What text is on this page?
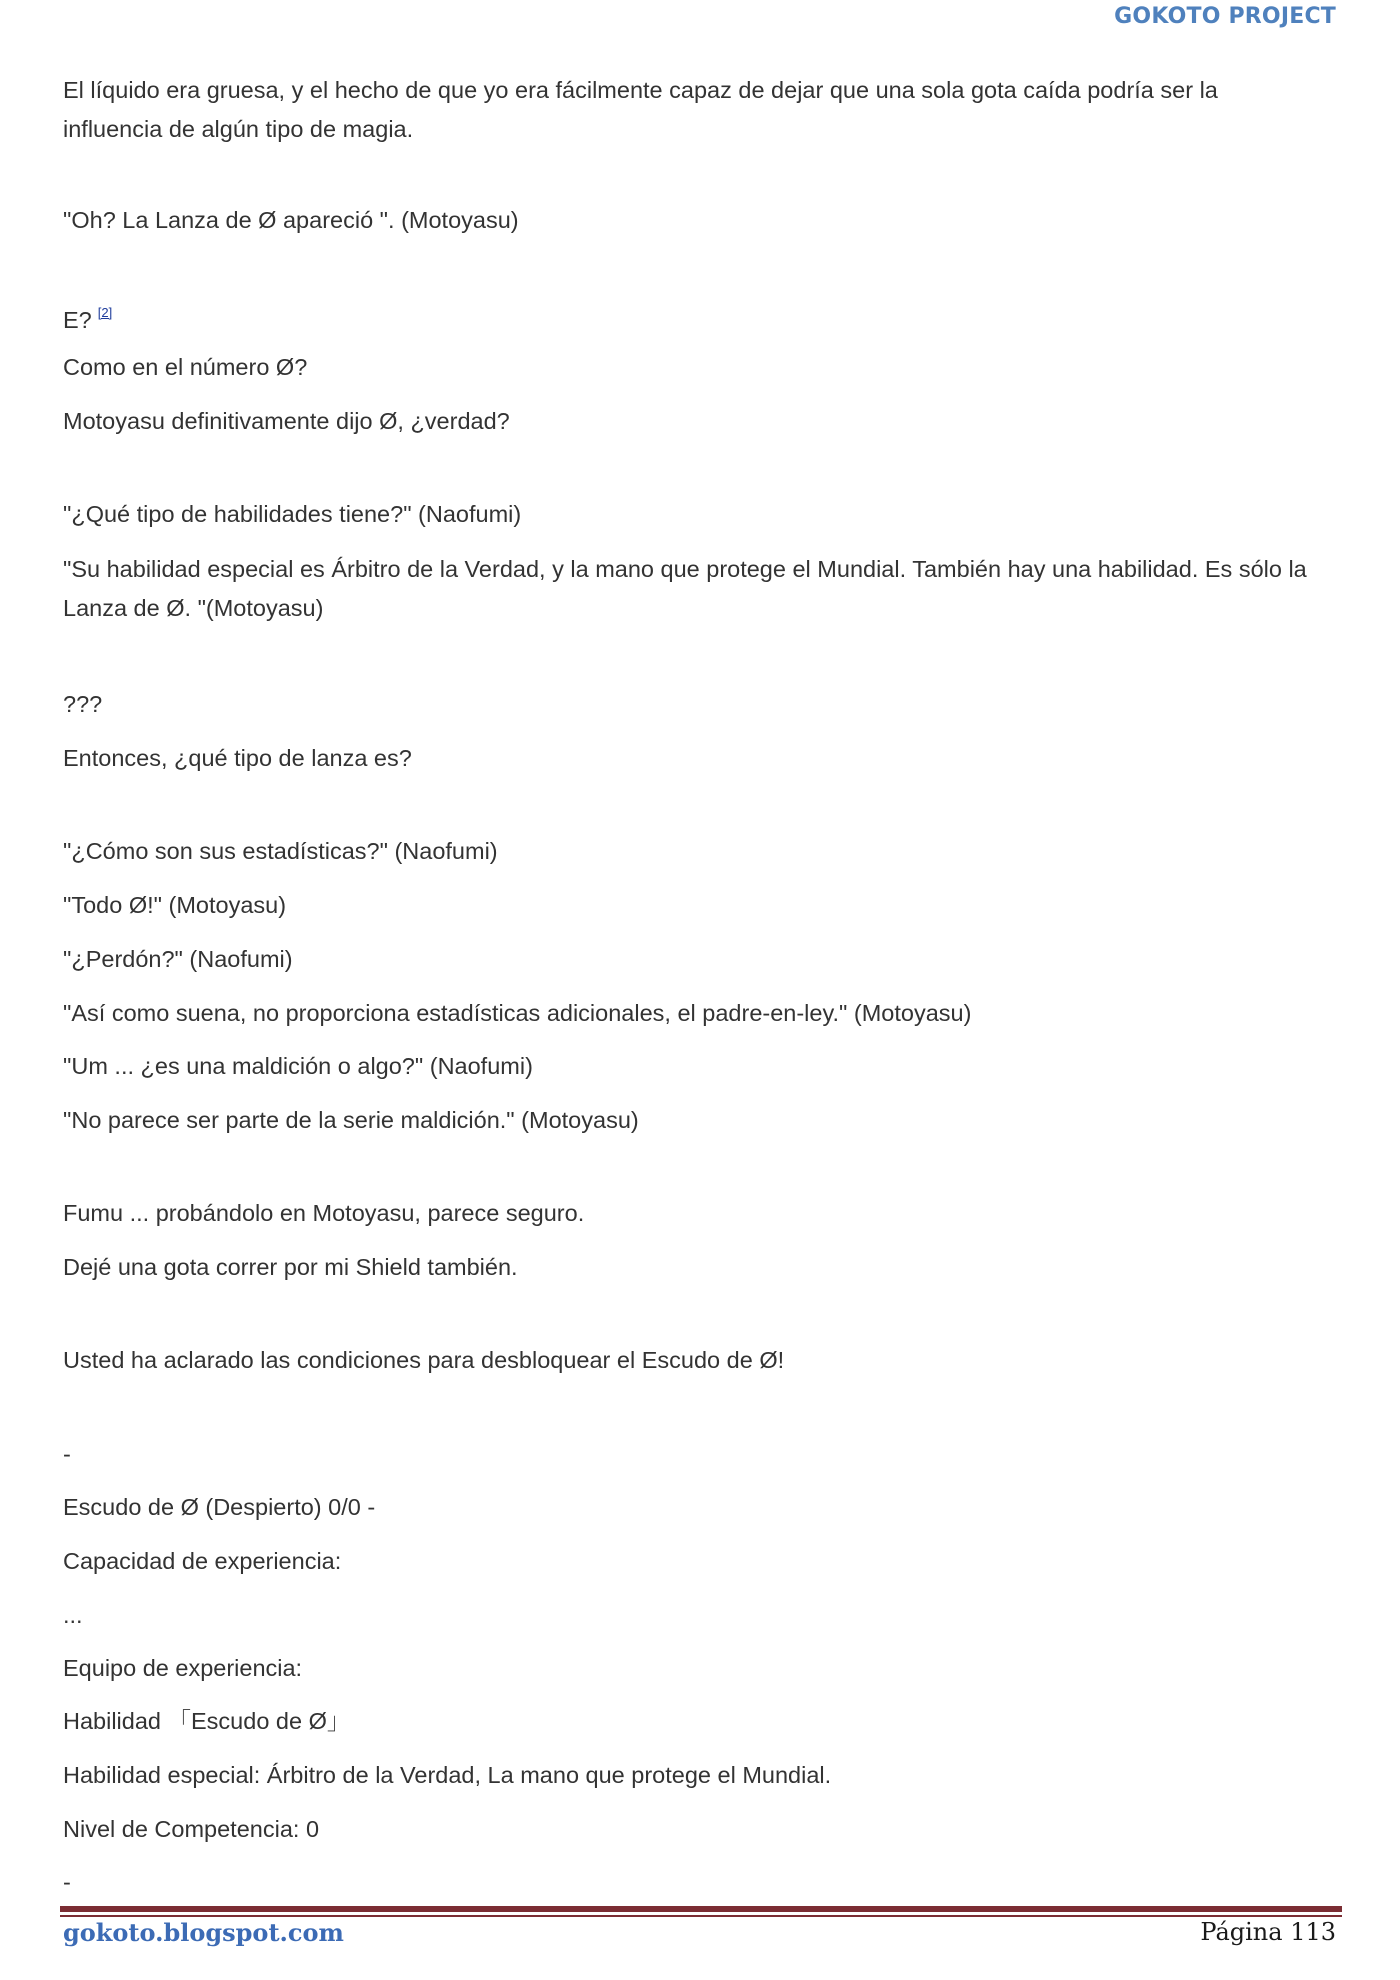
GOKOTO PROJECT
El líquido era gruesa, y el hecho de que yo era fácilmente capaz de dejar que una sola gota caída podría ser la influencia de algún tipo de magia.
"Oh? La Lanza de Ø apareció ". (Motoyasu)
E? [2]
Como en el número Ø?
Motoyasu definitivamente dijo Ø, ¿verdad?
"¿Qué tipo de habilidades tiene?" (Naofumi)
"Su habilidad especial es Árbitro de la Verdad, y la mano que protege el Mundial. También hay una habilidad. Es sólo la Lanza de Ø. "(Motoyasu)
???
Entonces, ¿qué tipo de lanza es?
"¿Cómo son sus estadísticas?" (Naofumi)
"Todo Ø!" (Motoyasu)
"¿Perdón?" (Naofumi)
"Así como suena, no proporciona estadísticas adicionales, el padre-en-ley." (Motoyasu)
"Um ... ¿es una maldición o algo?" (Naofumi)
"No parece ser parte de la serie maldición." (Motoyasu)
Fumu ... probándolo en Motoyasu, parece seguro.
Dejé una gota correr por mi Shield también.
Usted ha aclarado las condiciones para desbloquear el Escudo de Ø!
-
Escudo de Ø (Despierto) 0/0 -
Capacidad de experiencia:
...
Equipo de experiencia:
Habilidad 「Escudo de Ø」
Habilidad especial: Árbitro de la Verdad, La mano que protege el Mundial.
Nivel de Competencia: 0
-
gokoto.blogspot.com	Página 113
